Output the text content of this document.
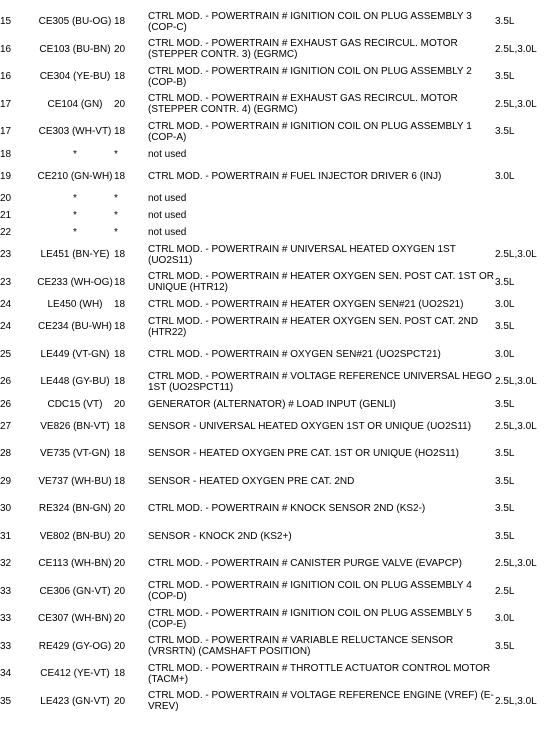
15	CE305 (BU-OG)	18	CTRL MOD. - POWERTRAIN # IGNITION COIL ON PLUG ASSEMBLY 3 (COP-C)	3.5L
16	CE103 (BU-BN)	20	CTRL MOD. - POWERTRAIN # EXHAUST GAS RECIRCUL. MOTOR (STEPPER CONTR. 3) (EGRMC)	2.5L,3.0L
16	CE304 (YE-BU)	18	CTRL MOD. - POWERTRAIN # IGNITION COIL ON PLUG ASSEMBLY 2 (COP-B)	3.5L
17	CE104 (GN)	20	CTRL MOD. - POWERTRAIN # EXHAUST GAS RECIRCUL. MOTOR (STEPPER CONTR. 4) (EGRMC)	2.5L,3.0L
17	CE303 (WH-VT)	18	CTRL MOD. - POWERTRAIN # IGNITION COIL ON PLUG ASSEMBLY 1 (COP-A)	3.5L
18	*	*	not used	
19	CE210 (GN-WH)	18	CTRL MOD. - POWERTRAIN # FUEL INJECTOR DRIVER 6 (INJ)	3.0L
20	*	*	not used	
21	*	*	not used	
22	*	*	not used	
23	LE451 (BN-YE)	18	CTRL MOD. - POWERTRAIN # UNIVERSAL HEATED OXYGEN 1ST (UO2S11)	2.5L,3.0L
23	CE233 (WH-OG)	18	CTRL MOD. - POWERTRAIN # HEATER OXYGEN SEN. POST CAT. 1ST OR UNIQUE (HTR12)	3.5L
24	LE450 (WH)	18	CTRL MOD. - POWERTRAIN # HEATER OXYGEN SEN#21 (UO2S21)	3.0L
24	CE234 (BU-WH)	18	CTRL MOD. - POWERTRAIN # HEATER OXYGEN SEN. POST CAT. 2ND (HTR22)	3.5L
25	LE449 (VT-GN)	18	CTRL MOD. - POWERTRAIN # OXYGEN SEN#21 (UO2SPCT21)	3.0L
26	LE448 (GY-BU)	18	CTRL MOD. - POWERTRAIN # VOLTAGE REFERENCE UNIVERSAL HEGO 1ST (UO2SPCT11)	2.5L,3.0L
26	CDC15 (VT)	20	GENERATOR (ALTERNATOR) # LOAD INPUT (GENLI)	3.5L
27	VE826 (BN-VT)	18	SENSOR - UNIVERSAL HEATED OXYGEN 1ST OR UNIQUE (UO2S11)	2.5L,3.0L
28	VE735 (VT-GN)	18	SENSOR - HEATED OXYGEN PRE CAT. 1ST OR UNIQUE (HO2S11)	3.5L
29	VE737 (WH-BU)	18	SENSOR - HEATED OXYGEN PRE CAT. 2ND	3.5L
30	RE324 (BN-GN)	20	CTRL MOD. - POWERTRAIN # KNOCK SENSOR 2ND (KS2-)	3.5L
31	VE802 (BN-BU)	20	SENSOR - KNOCK 2ND (KS2+)	3.5L
32	CE113 (WH-BN)	20	CTRL MOD. - POWERTRAIN # CANISTER PURGE VALVE (EVAPCP)	2.5L,3.0L
33	CE306 (GN-VT)	20	CTRL MOD. - POWERTRAIN # IGNITION COIL ON PLUG ASSEMBLY 4 (COP-D)	2.5L
33	CE307 (WH-BN)	20	CTRL MOD. - POWERTRAIN # IGNITION COIL ON PLUG ASSEMBLY 5 (COP-E)	3.0L
33	RE429 (GY-OG)	20	CTRL MOD. - POWERTRAIN # VARIABLE RELUCTANCE SENSOR (VRSRTN) (CAMSHAFT POSITION)	3.5L
34	CE412 (YE-VT)	18	CTRL MOD. - POWERTRAIN # THROTTLE ACTUATOR CONTROL MOTOR (TACM+)	
35	LE423 (GN-VT)	20	CTRL MOD. - POWERTRAIN # VOLTAGE REFERENCE ENGINE (VREF) (E-VREV)	2.5L,3.0L
